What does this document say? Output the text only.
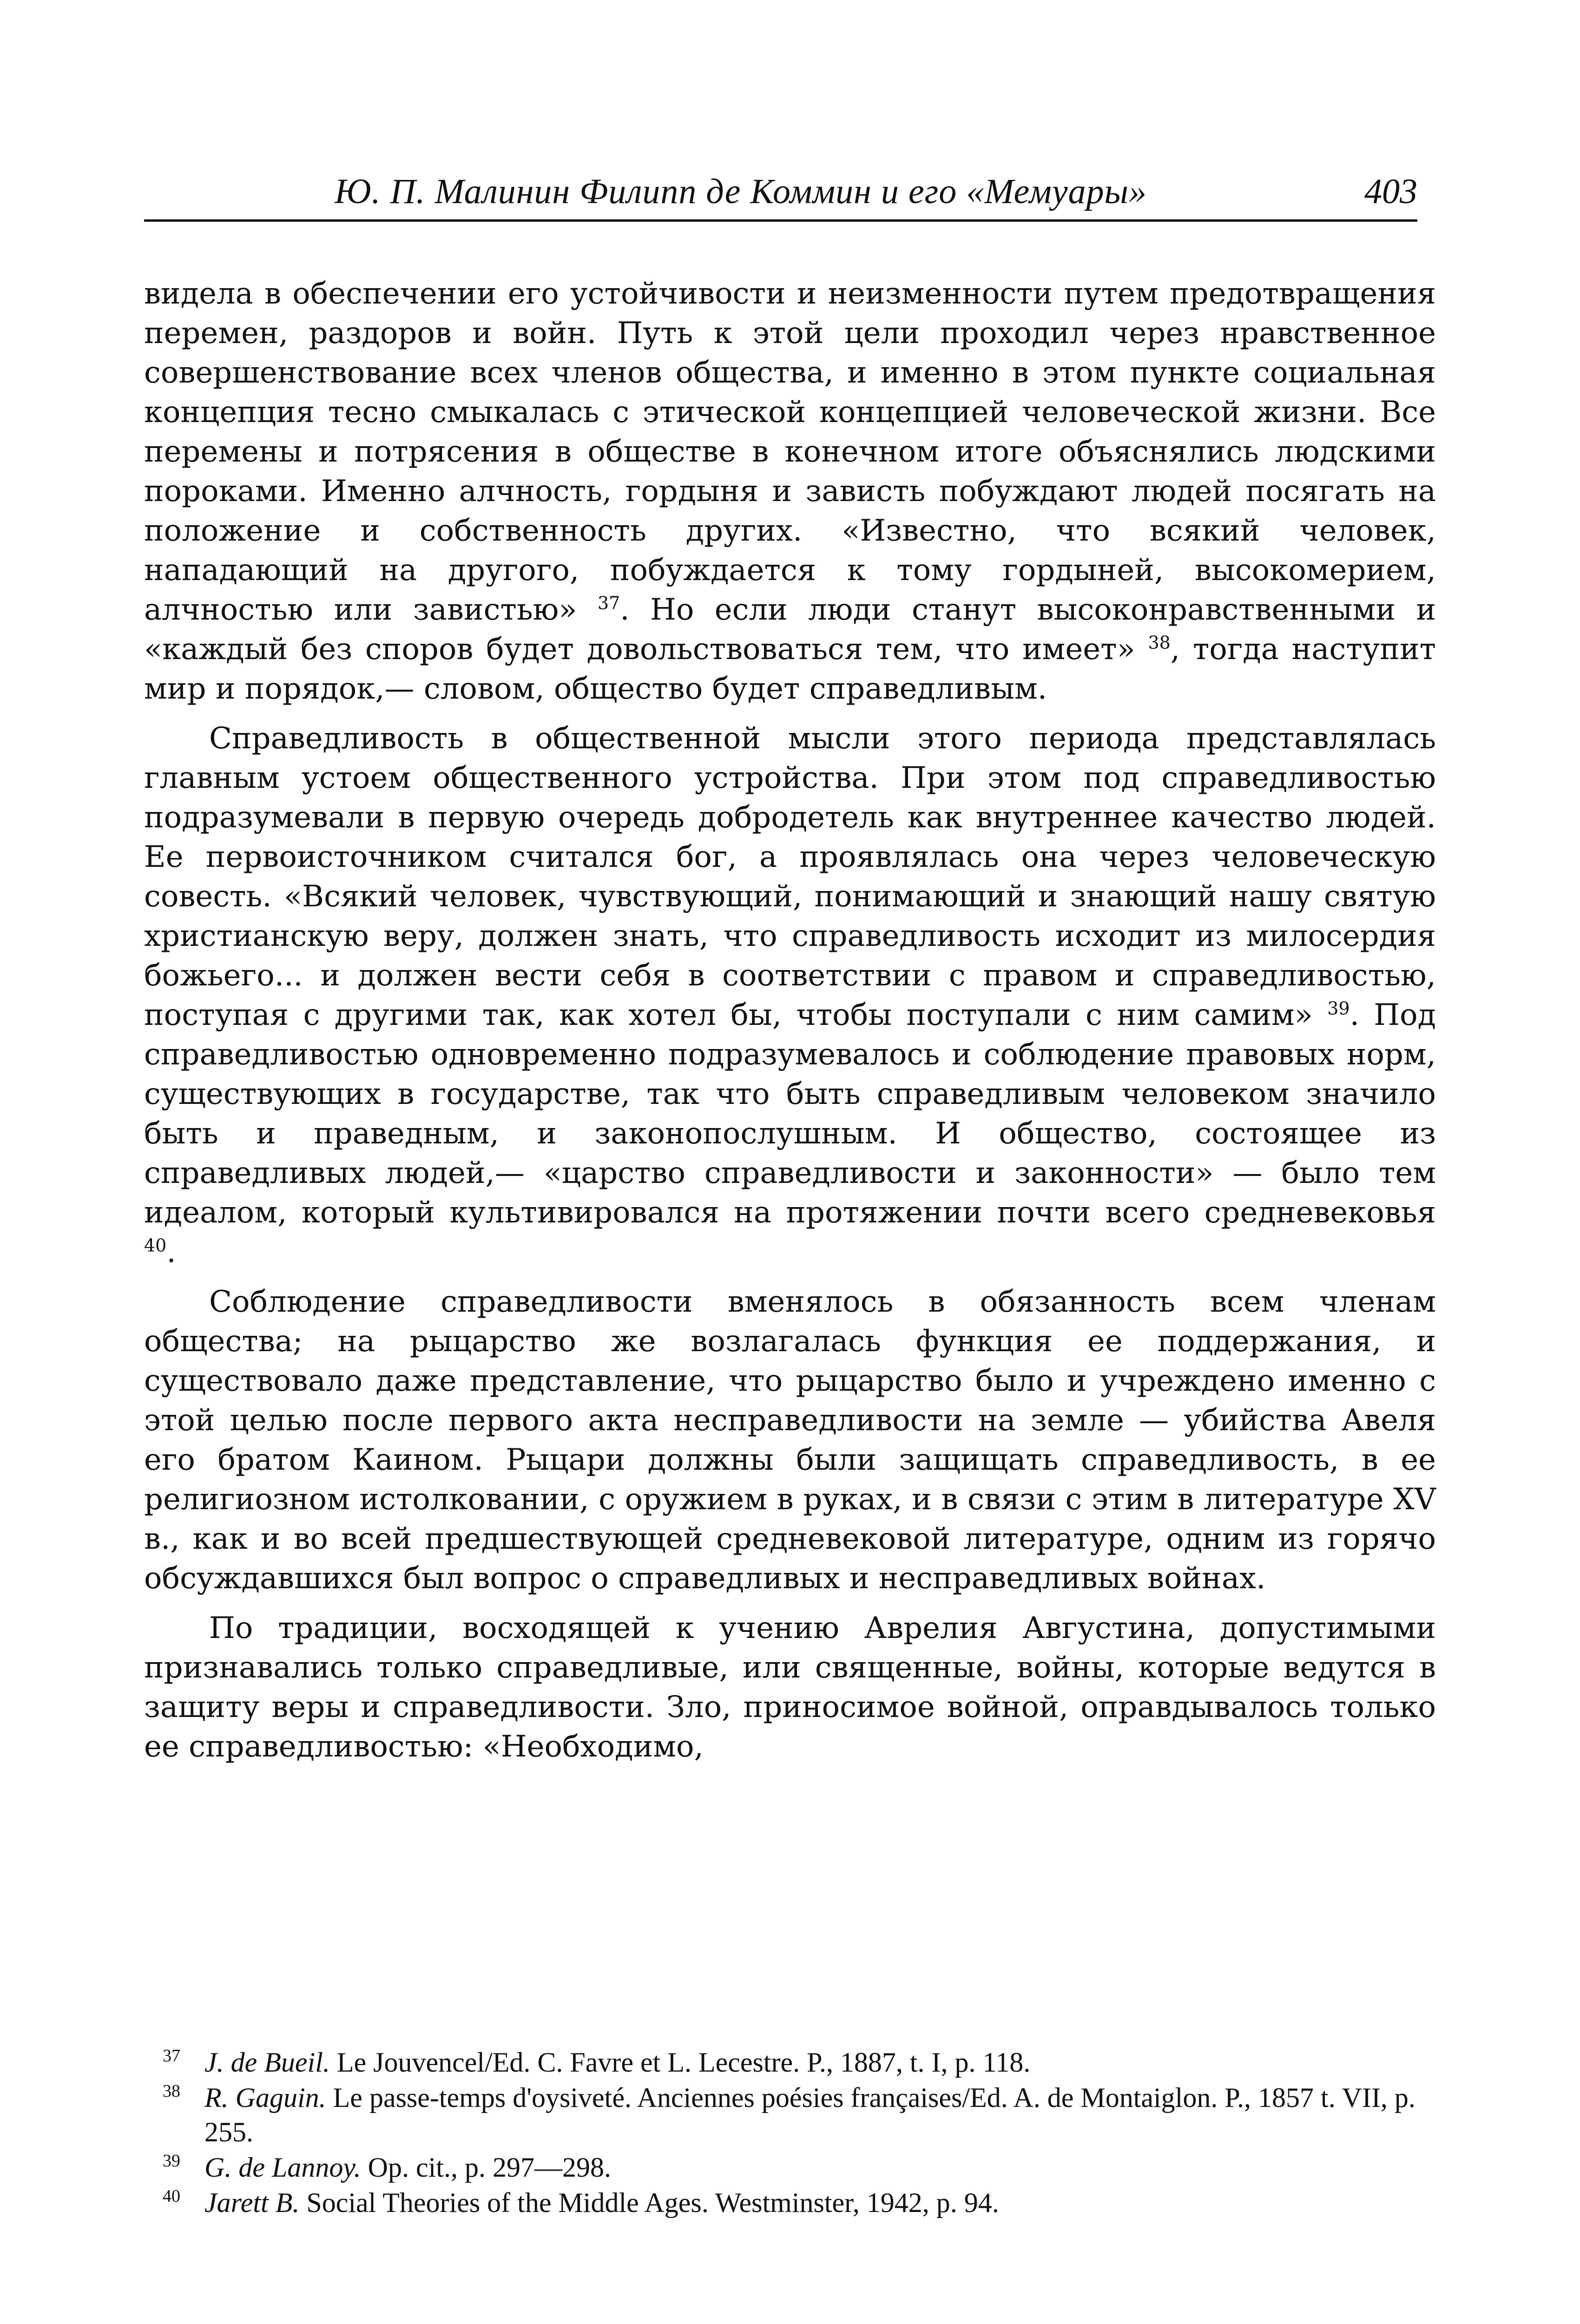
Ю. П. Малинин Филипп де Коммин и его «Мемуары»	403

видела в обеспечении его устойчивости и неизменности путем предотвращения перемен, раздоров и войн. Путь к этой цели проходил через нравственное совершенствование всех членов общества, и именно в этом пункте социальная концепция тесно смыкалась с этической концепцией человеческой жизни. Все перемены и потрясения в обществе в конечном итоге объяснялись людскими пороками. Именно алчность, гордыня и зависть побуждают людей посягать на положение и собственность других. «Известно, что всякий человек, нападающий на другого, побуждается к тому гордыней, высокомерием, алчностью или завистью» $^{37}$. Но если люди станут высоконравственными и «каждый без споров будет довольствоваться тем, что имеет» $^{38}$, тогда наступит мир и порядок,— словом, общество будет справедливым.

Справедливость в общественной мысли этого периода представлялась главным устоем общественного устройства. При этом под справедливостью подразумевали в первую очередь добродетель как внутреннее качество людей. Ее первоисточником считался бог, а проявлялась она через человеческую совесть. «Всякий человек, чувствующий, понимающий и знающий нашу святую христианскую веру, должен знать, что справедливость исходит из милосердия божьего... и должен вести себя в соответствии с правом и справедливостью, поступая с другими так, как хотел бы, чтобы поступали с ним самим» $^{39}$. Под справедливостью одновременно подразумевалось и соблюдение правовых норм, существующих в государстве, так что быть справедливым человеком значило быть и праведным, и законопослушным. И общество, состоящее из справедливых людей,— «царство справедливости и законности» — было тем идеалом, который культивировался на протяжении почти всего средневековья $^{40}$.

Соблюдение справедливости вменялось в обязанность всем членам общества; на рыцарство же возлагалась функция ее поддержания, и существовало даже представление, что рыцарство было и учреждено именно с этой целью после первого акта несправедливости на земле — убийства Авеля его братом Каином. Рыцари должны были защищать справедливость, в ее религиозном истолковании, с оружием в руках, и в связи с этим в литературе XV в., как и во всей предшествующей средневековой литературе, одним из горячо обсуждавшихся был вопрос о справедливых и несправедливых войнах.

По традиции, восходящей к учению Аврелия Августина, допустимыми признавались только справедливые, или священные, войны, которые ведутся в защиту веры и справедливости. Зло, приносимое войной, оправдывалось только ее справедливостью: «Необходимо,

37 J. de Bueil. Le Jouvencel/Ed. C. Favre et L. Lecestre. P., 1887, t. I, p. 118.
38 R. Gaguin. Le passe-temps d'oysiveté. Anciennes poésies françaises/Ed. A. de Montaiglon. P., 1857 t. VII, p. 255.
39 G. de Lannoy. Op. cit., p. 297—298.
40 Jarett B. Social Theories of the Middle Ages. Westminster, 1942, p. 94.
